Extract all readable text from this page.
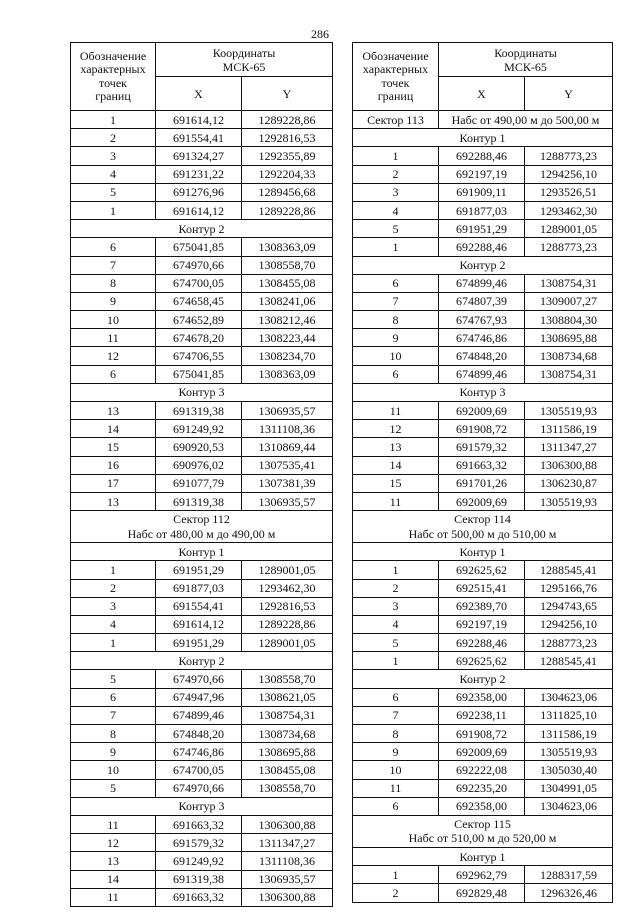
286
Обозначение
характерных
точек
границ	Координаты
МСК-65	
	X	Y
1	691614,12	1289228,86
2	691554,41	1292816,53
3	691324,27	1292355,89
4	691231,22	1292204,33
5	691276,96	1289456,68
1	691614,12	1289228,86
Контур 2		
6	675041,85	1308363,09
7	674970,66	1308558,70
8	674700,05	1308455,08
9	674658,45	1308241,06
10	674652,89	1308212,46
11	674678,20	1308223,44
12	674706,55	1308234,70
6	675041,85	1308363,09
Контур 3		
13	691319,38	1306935,57
14	691249,92	1311108,36
15	690920,53	1310869,44
16	690976,02	1307535,41
17	691077,79	1307381,39
13	691319,38	1306935,57
Сектор 112
Набс от 480,00 м до 490,00 м		
Контур 1		
1	691951,29	1289001,05
2	691877,03	1293462,30
3	691554,41	1292816,53
4	691614,12	1289228,86
1	691951,29	1289001,05
Контур 2		
5	674970,66	1308558,70
6	674947,96	1308621,05
7	674899,46	1308754,31
8	674848,20	1308734,68
9	674746,86	1308695,88
10	674700,05	1308455,08
5	674970,66	1308558,70
Контур 3		
11	691663,32	1306300,88
12	691579,32	1311347,27
13	691249,92	1311108,36
14	691319,38	1306935,57
11	691663,32	1306300,88
Обозначение
характерных
точек
границ	Координаты
МСК-65	
	X	Y
Сектор 113	Набс от 490,00 м до 500,00 м	
Контур 1		
1	692288,46	1288773,23
2	692197,19	1294256,10
3	691909,11	1293526,51
4	691877,03	1293462,30
5	691951,29	1289001,05
1	692288,46	1288773,23
Контур 2		
6	674899,46	1308754,31
7	674807,39	1309007,27
8	674767,93	1308804,30
9	674746,86	1308695,88
10	674848,20	1308734,68
6	674899,46	1308754,31
Контур 3		
11	692009,69	1305519,93
12	691908,72	1311586,19
13	691579,32	1311347,27
14	691663,32	1306300,88
15	691701,26	1306230,87
11	692009,69	1305519,93
Сектор 114
Набс от 500,00 м до 510,00 м		
Контур 1		
1	692625,62	1288545,41
2	692515,41	1295166,76
3	692389,70	1294743,65
4	692197,19	1294256,10
5	692288,46	1288773,23
1	692625,62	1288545,41
Контур 2		
6	692358,00	1304623,06
7	692238,11	1311825,10
8	691908,72	1311586,19
9	692009,69	1305519,93
10	692222,08	1305030,40
11	692235,20	1304991,05
6	692358,00	1304623,06
Сектор 115
Набс от 510,00 м до 520,00 м		
Контур 1		
1	692962,79	1288317,59
2	692829,48	1296326,46
